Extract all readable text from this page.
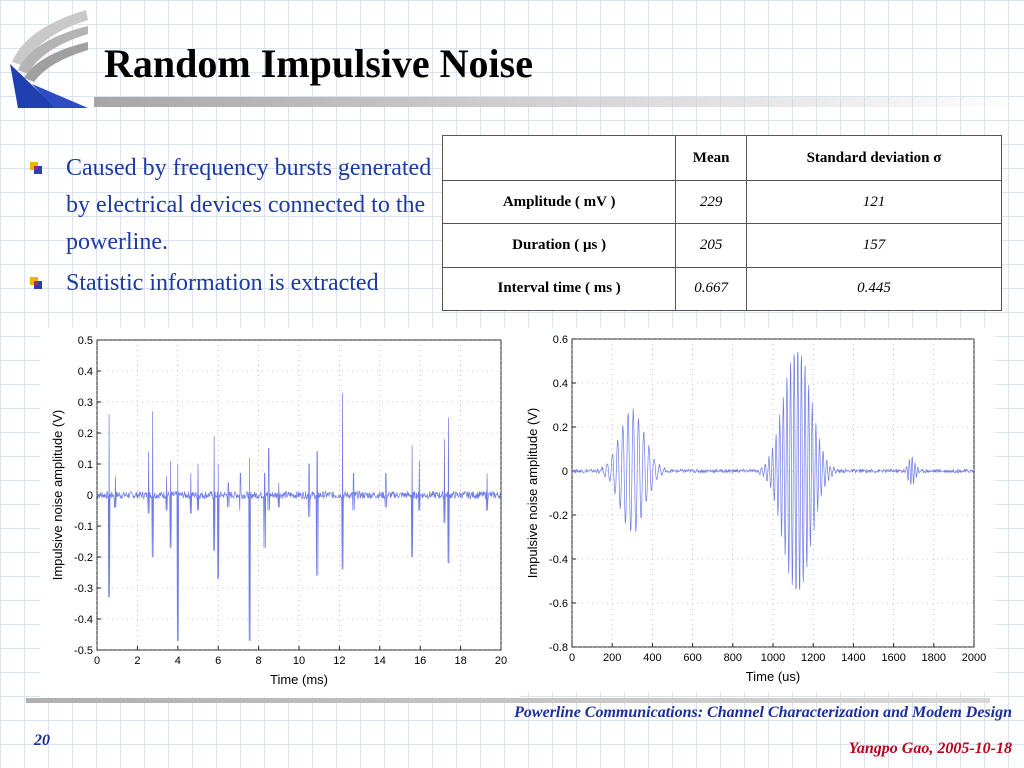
Random Impulsive Noise
Caused by frequency bursts generated by electrical devices connected to the powerline.
Statistic information is extracted
	Mean	Standard deviation σ
Amplitude ( mV )	229	121
Duration ( μs )	205	157
Interval time ( ms )	0.667	0.445
0	2	4	6	8	10	12	14	16	18	20
0.5
0.4
0.3
0.2
0.1
0
-0.1
-0.2
-0.3
-0.4
-0.5
Time (ms)
Impulsive noise amplitude (V)
0	200 400 600 800 1000 1200 1400 1600 1800 2000
0.6
0.4
0.2
0
-0.2
-0.4
-0.6
-0.8
Time (us)
Impulsive noise amplitude (V)
Powerline Communications: Channel Characterization and Modem Design
20	Yangpo Gao, 2005-10-18
